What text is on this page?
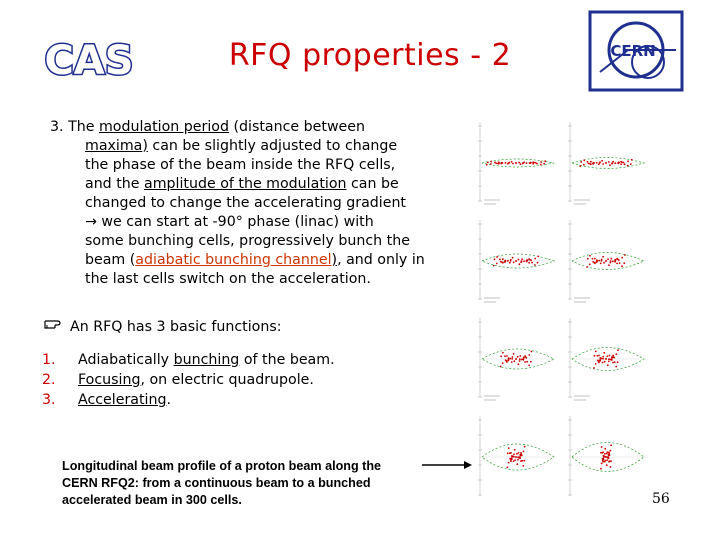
CAS	RFQ properties - 2	CERN
3. The modulation period (distance between
maxima) can be slightly adjusted to change
the phase of the beam inside the RFQ cells,
and the amplitude of the modulation can be
changed to change the accelerating gradient
→ we can start at -90° phase (linac) with
some bunching cells, progressively bunch the
beam (adiabatic bunching channel), and only in
the last cells switch on the acceleration.
An RFQ has 3 basic functions:
1. Adiabatically bunching of the beam.
2. Focusing, on electric quadrupole.
3. Accelerating.
Longitudinal beam profile of a proton beam along the
CERN RFQ2: from a continuous beam to a bunched
accelerated beam in 300 cells.	56
